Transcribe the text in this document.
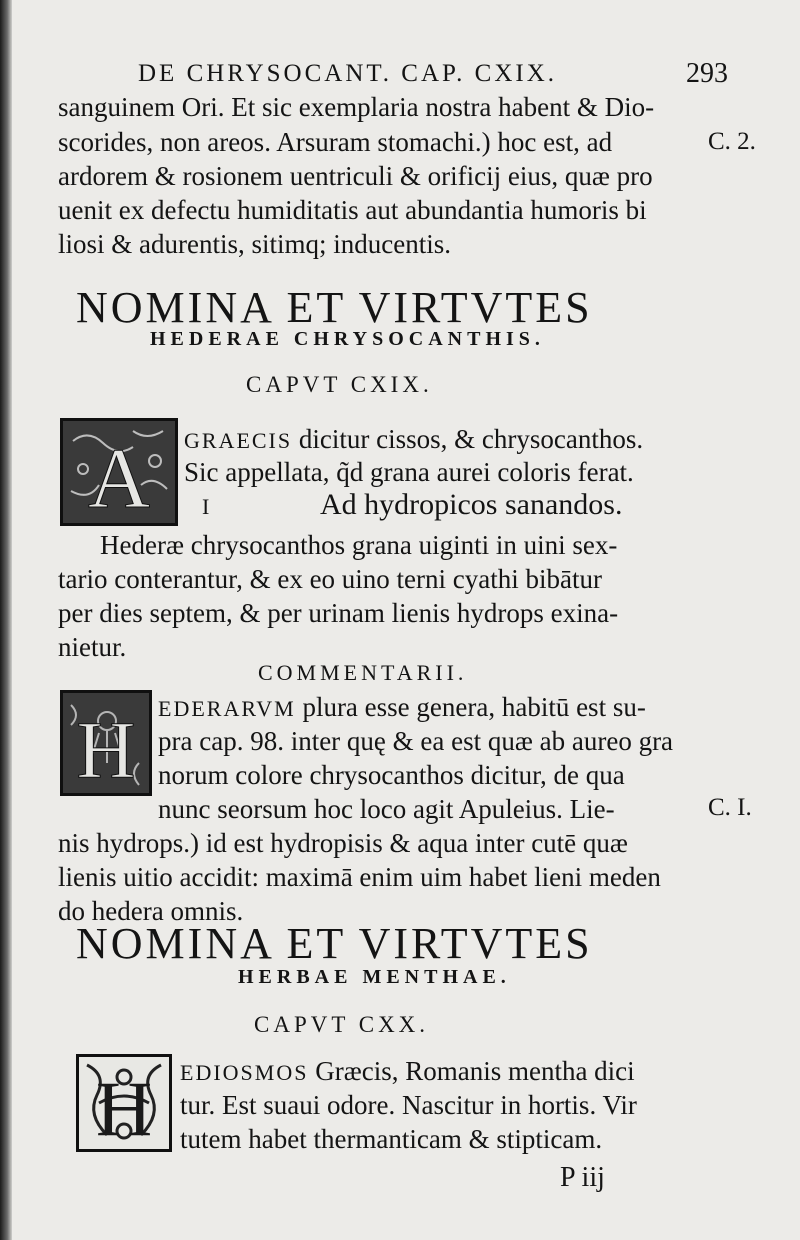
DE CHRYSOCANT. CAP. CXIX.	293
sanguinem Ori. Et sic exemplaria nostra habent & Dio-
scorides, non areos. Arsuram stomachi.) hoc est, ad	C. 2.
ardorem & rosionem uentriculi & orificij eius, quæ pro
uenit ex defectu humiditatis aut abundantia humoris bi
liosi & adurentis, sitimq; inducentis.
NOMINA ET VIRTVTES
HEDERAE CHRYSOCANTHIS.
CAPVT CXIX.
A GRAECIS dicitur cissos, & chrysocanthos.
Sic appellata, q̃d grana aurei coloris ferat.
I	Ad hydropicos sanandos.
Hederæ chrysocanthos grana uiginti in uini sex-
tario conterantur, & ex eo uino terni cyathi bibātur
per dies septem, & per urinam lienis hydrops exina-
nietur.
COMMENTARII.
H EDERARVM plura esse genera, habitū est su-
pra cap. 98. inter quę & ea est quæ ab aureo gra
norum colore chrysocanthos dicitur, de qua
nunc seorsum hoc loco agit Apuleius. Lie-	C. I.
nis hydrops.) id est hydropisis & aqua inter cutē quæ
lienis uitio accidit: maximā enim uim habet lieni meden
do hedera omnis.
NOMINA ET VIRTVTES
HERBAE MENTHAE.
CAPVT CXX.
H EDIOSMOS Græcis, Romanis mentha dici
tur. Est suaui odore. Nascitur in hortis. Vir
tutem habet thermanticam & stipticam.
P iij
